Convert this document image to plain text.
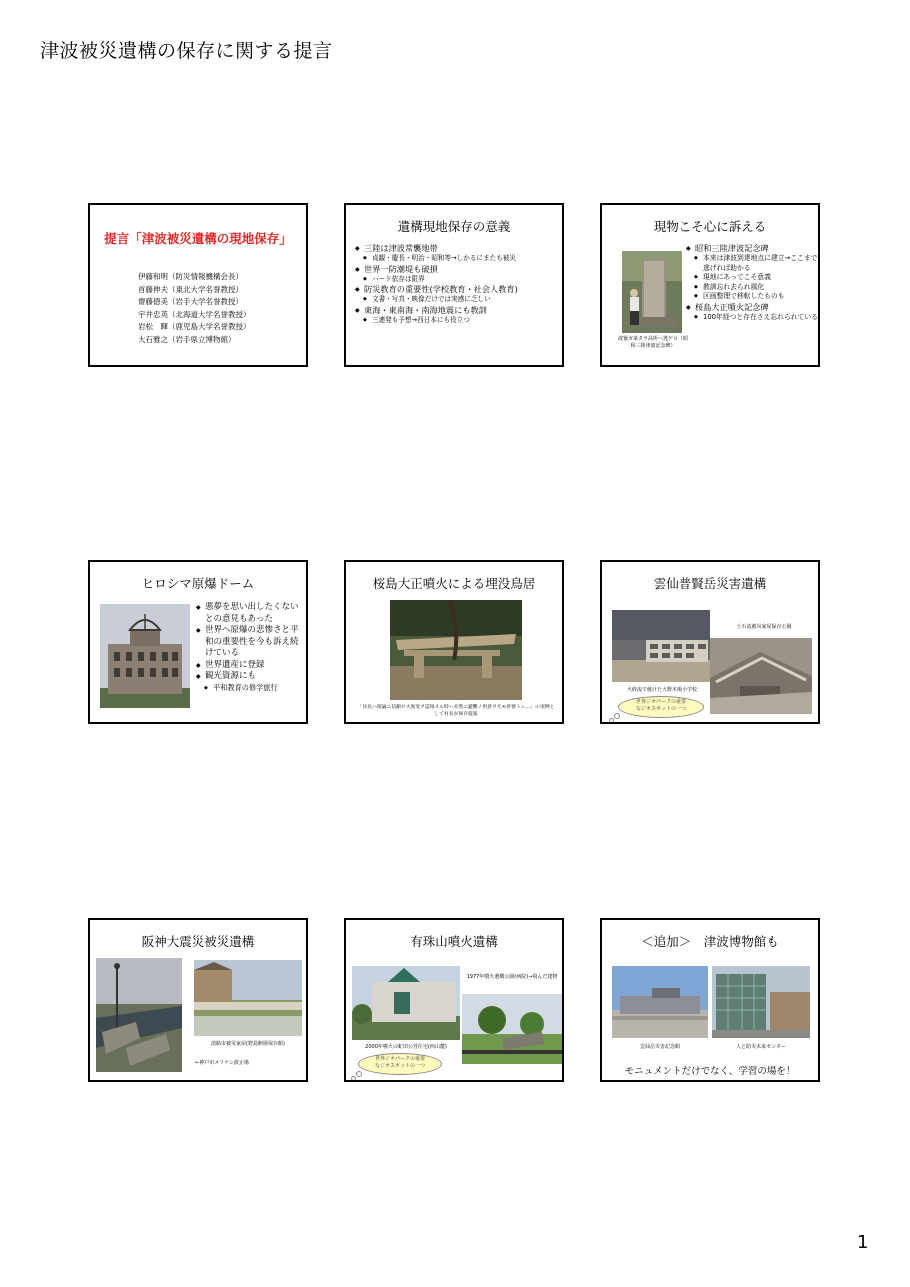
津波被災遺構の保存に関する提言
提言「津波被災遺構の現地保存」
伊藤和明（防災情報機構会長）
首藤伸夫（東北大学名誉教授）
齋藤徳美（岩手大学名誉教授）
宇井忠英（北海道大学名誉教授）
岩松　暉（鹿児島大学名誉教授）
大石雅之（岩手県立博物館）
遺構現地保存の意義
◆ 三陸は津波常襲地帯
◆ 貞観・慶長・明治・昭和等→しかるにまたも被災
◆ 世界一防潮堤も破損
◆ ハード依存は限界
◆ 防災教育の重要性(学校教育・社会人教育)
◆ 文書・写真・映像だけでは実感に乏しい
◆ 東海・東南海・南海地震にも教訓
◆ 三連発も予想→西日本にも役立つ
現物こそ心に訴える
波罹ガ来タラ高所ヘ逃ゲロ（昭和三陸津波記念碑）
◆ 昭和三陸津波記念碑
◆ 本来は津波到達地点に建立→ここまで逃げれば助かる
◆ 現地にあってこそ意義
◆ 教訓忘れ去られ風化
◆ 区画整理で移転したものも
◆ 桜島大正噴火記念碑
◆ 100年経つと存在さえ忘れられている
ヒロシマ原爆ドーム
◆ 悪夢を思い出したくないとの意見もあった
◆ 世界へ原爆の悲惨さと平和の重要性を今も訴え続けている
◆ 世界遺産に登録
◆ 観光資源にも
◆ 平和教育の修学旅行
桜島大正噴火による埋没鳥居
「住民ハ理論ニ信頼セス異変ヲ認知スル時ハ未然ニ避難ノ用意ヲ尤モ肝要トシ…」の実例として村長が保存提案
雲仙普賢岳災害遺構
土石流被災家屋保存公園
火砕流で焼けた大野木場小学校
世界ジオパークの重要なジオスポットの一つ
阪神大震災被災遺構
淡路市被災家屋(野島断層保存館)
←神戸市メリケン波止場
有珠山噴火遺構
1977年噴火遺構公園(病院)→飛んだ建物
2000年噴火の虻田公営住宅(西山麓)
世界ジオパークの重要なジオスポットの一つ
＜追加＞　津波博物館も
雲仙岳災害記念館	人と防災未来センター
モニュメントだけでなく、学習の場を！
1
